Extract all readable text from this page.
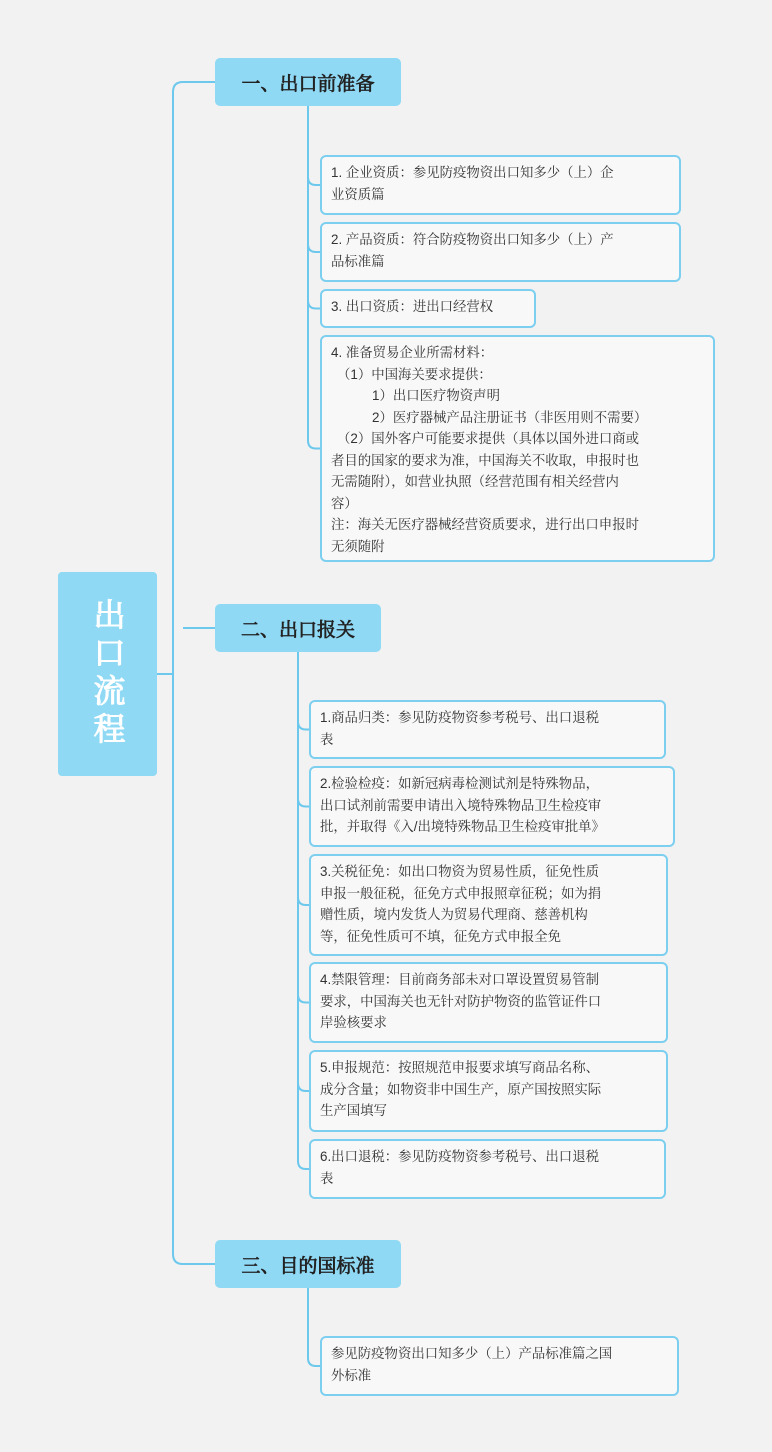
出口流程
一、出口前准备
1. 企业资质：参见防疫物资出口知多少（上）企
业资质篇
2. 产品资质：符合防疫物资出口知多少（上）产
品标准篇
3. 出口资质：进出口经营权
4. 准备贸易企业所需材料：
（1）中国海关要求提供：
1）出口医疗物资声明
2）医疗器械产品注册证书（非医用则不需要）
（2）国外客户可能要求提供（具体以国外进口商或
者目的国家的要求为准，中国海关不收取，申报时也
无需随附），如营业执照（经营范围有相关经营内
容）
注：海关无医疗器械经营资质要求，进行出口申报时
无须随附
二、出口报关
1.商品归类：参见防疫物资参考税号、出口退税
表
2.检验检疫：如新冠病毒检测试剂是特殊物品，
出口试剂前需要申请出入境特殊物品卫生检疫审
批，并取得《入/出境特殊物品卫生检疫审批单》
3.关税征免：如出口物资为贸易性质，征免性质
申报一般征税，征免方式申报照章征税；如为捐
赠性质，境内发货人为贸易代理商、慈善机构
等，征免性质可不填，征免方式申报全免
4.禁限管理：目前商务部未对口罩设置贸易管制
要求，中国海关也无针对防护物资的监管证件口
岸验核要求
5.申报规范：按照规范申报要求填写商品名称、
成分含量；如物资非中国生产，原产国按照实际
生产国填写
6.出口退税：参见防疫物资参考税号、出口退税
表
三、目的国标准
参见防疫物资出口知多少（上）产品标准篇之国
外标准
